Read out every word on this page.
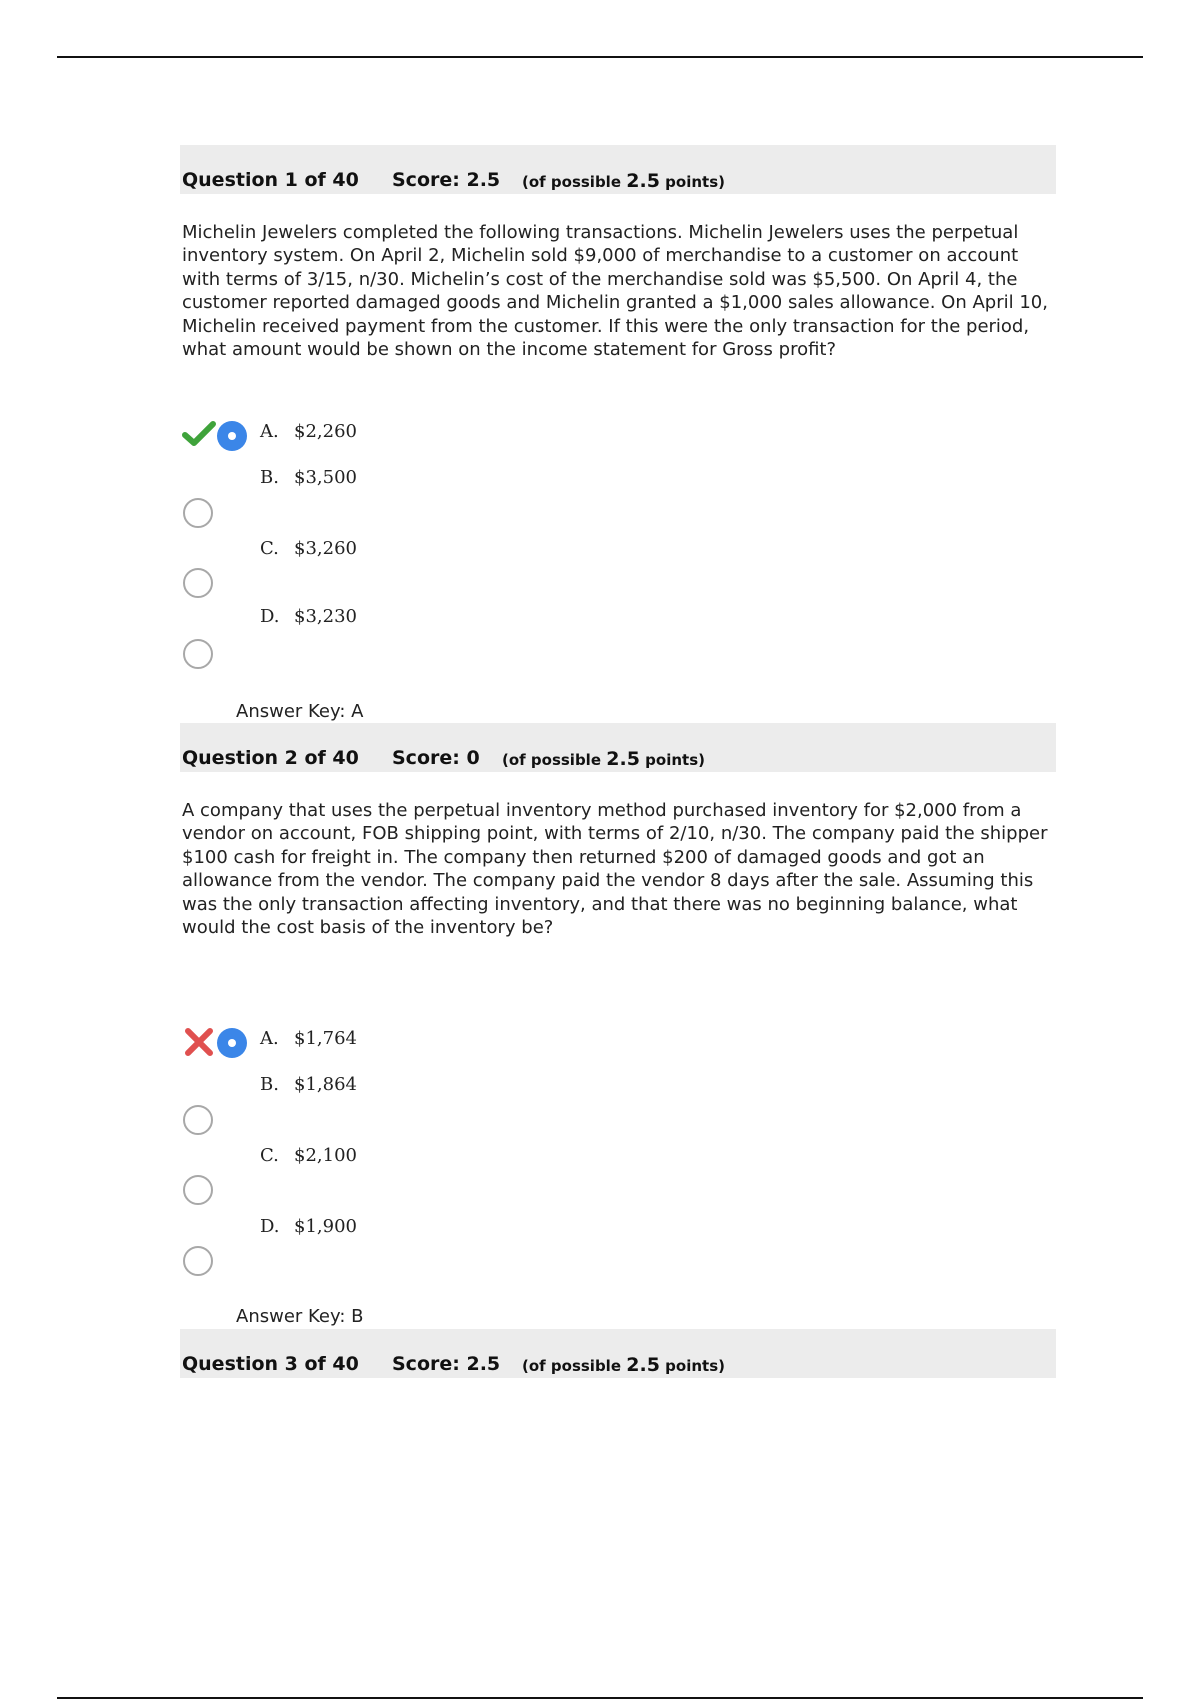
Question 1 of 40 Score: 2.5 (of possible 2.5 points)

Michelin Jewelers completed the following transactions. Michelin Jewelers uses the perpetual inventory system. On April 2, Michelin sold $9,000 of merchandise to a customer on account with terms of 3/15, n/30. Michelin’s cost of the merchandise sold was $5,500. On April 4, the customer reported damaged goods and Michelin granted a $1,000 sales allowance. On April 10, Michelin received payment from the customer. If this were the only transaction for the period, what amount would be shown on the income statement for Gross profit?

A. $2,260
B. $3,500
C. $3,260
D. $3,230
Answer Key: A
Question 2 of 40 Score: 0 (of possible 2.5 points)

A company that uses the perpetual inventory method purchased inventory for $2,000 from a vendor on account, FOB shipping point, with terms of 2/10, n/30. The company paid the shipper $100 cash for freight in. The company then returned $200 of damaged goods and got an allowance from the vendor. The company paid the vendor 8 days after the sale. Assuming this was the only transaction affecting inventory, and that there was no beginning balance, what would the cost basis of the inventory be?

A. $1,764
B. $1,864
C. $2,100
D. $1,900
Answer Key: B
Question 3 of 40 Score: 2.5 (of possible 2.5 points)
